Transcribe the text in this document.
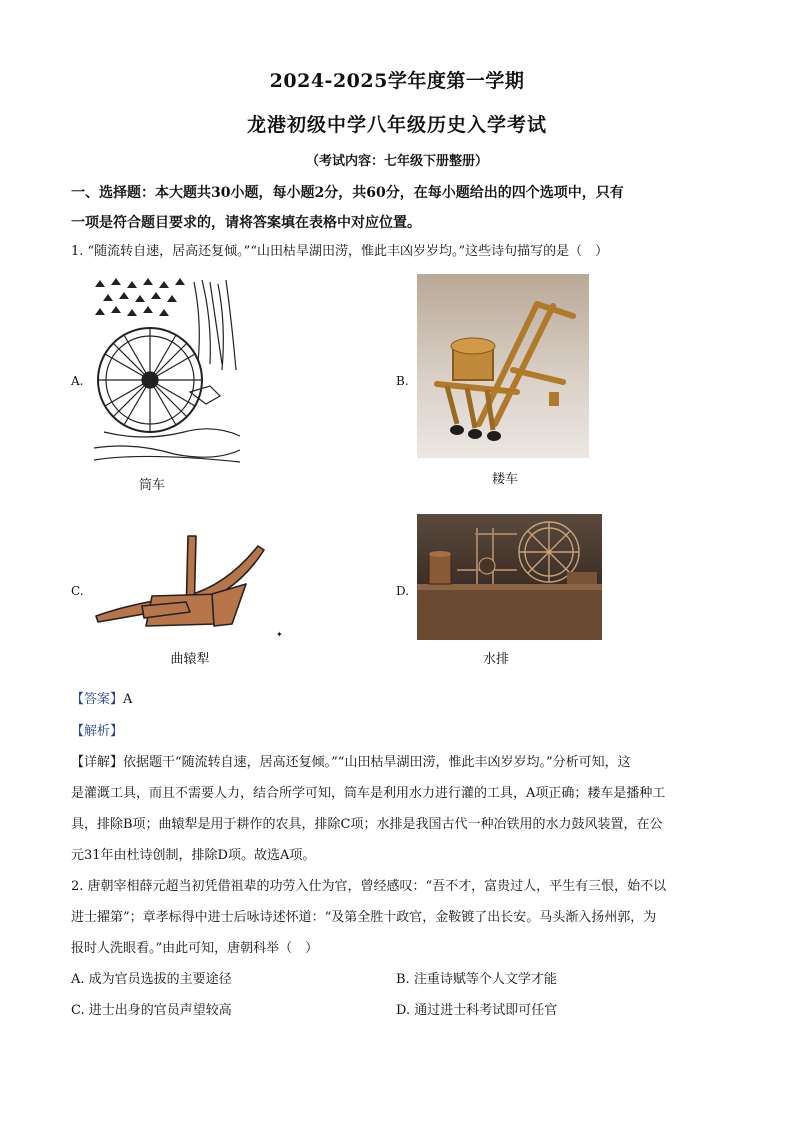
2024-2025学年度第一学期
龙港初级中学八年级历史入学考试
（考试内容：七年级下册整册）
一、选择题：本大题共30小题，每小题2分，共60分，在每小题给出的四个选项中，只有
一项是符合题目要求的，请将答案填在表格中对应位置。
1. “随流转自速，居高还复倾。”“山田枯旱湖田涝，惟此丰凶岁岁均。”这些诗句描写的是（　）
A.
筒车
B.
耧车
C.
✦
曲辕犁
D.
水排
【答案】A
【解析】
【详解】依据题干“随流转自速，居高还复倾。”“山田枯旱湖田涝，惟此丰凶岁岁均。”分析可知，这
是灌溉工具，而且不需要人力，结合所学可知，筒车是利用水力进行灌的工具，A项正确；耧车是播种工
具，排除B项；曲辕犁是用于耕作的农具，排除C项；水排是我国古代一种冶铁用的水力鼓风装置，在公
元31年由杜诗创制，排除D项。故选A项。
2. 唐朝宰相薛元超当初凭借祖辈的功劳入仕为官，曾经感叹：“吾不才，富贵过人，平生有三恨，始不以
进士擢第”；章孝标得中进士后咏诗述怀道：“及第全胜十政官，金鞍镀了出长安。马头渐入扬州郭，为
报时人洗眼看。”由此可知，唐朝科举（　）
A. 成为官员选拔的主要途径	B. 注重诗赋等个人文学才能
C. 进士出身的官员声望较高	D. 通过进士科考试即可任官
